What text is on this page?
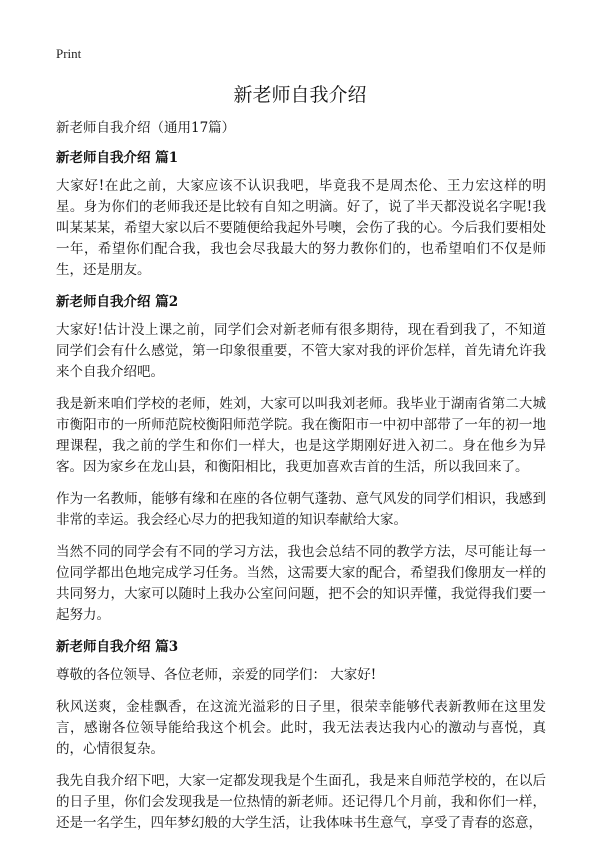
Print
新老师自我介绍

新老师自我介绍（通用17篇）

新老师自我介绍 篇1

大家好!在此之前，大家应该不认识我吧，毕竟我不是周杰伦、王力宏这样的明星。身为你们的老师我还是比较有自知之明滴。好了，说了半天都没说名字呢!我叫某某某，希望大家以后不要随便给我起外号噢，会伤了我的心。今后我们要相处一年，希望你们配合我，我也会尽我最大的努力教你们的，也希望咱们不仅是师生，还是朋友。

新老师自我介绍 篇2

大家好!估计没上课之前，同学们会对新老师有很多期待，现在看到我了，不知道同学们会有什么感觉，第一印象很重要，不管大家对我的评价怎样，首先请允许我来个自我介绍吧。

我是新来咱们学校的老师，姓刘，大家可以叫我刘老师。我毕业于湖南省第二大城市衡阳市的一所师范院校衡阳师范学院。我在衡阳市一中初中部带了一年的初一地理课程，我之前的学生和你们一样大，也是这学期刚好进入初二。身在他乡为异客。因为家乡在龙山县，和衡阳相比，我更加喜欢吉首的生活，所以我回来了。

作为一名教师，能够有缘和在座的各位朝气蓬勃、意气风发的同学们相识，我感到非常的幸运。我会经心尽力的把我知道的知识奉献给大家。

当然不同的同学会有不同的学习方法，我也会总结不同的教学方法，尽可能让每一位同学都出色地完成学习任务。当然，这需要大家的配合，希望我们像朋友一样的共同努力，大家可以随时上我办公室问问题，把不会的知识弄懂，我觉得我们要一起努力。

新老师自我介绍 篇3

尊敬的各位领导、各位老师，亲爱的同学们： 大家好!

秋风送爽，金桂飘香，在这流光溢彩的日子里，很荣幸能够代表新教师在这里发言，感谢各位领导能给我这个机会。此时，我无法表达我内心的激动与喜悦，真的，心情很复杂。

我先自我介绍下吧，大家一定都发现我是个生面孔，我是来自师范学校的，在以后的日子里，你们会发现我是一位热情的新老师。还记得几个月前，我和你们一样，还是一名学生，四年梦幻般的大学生活，让我体味书生意气，享受了青春的恣意，
